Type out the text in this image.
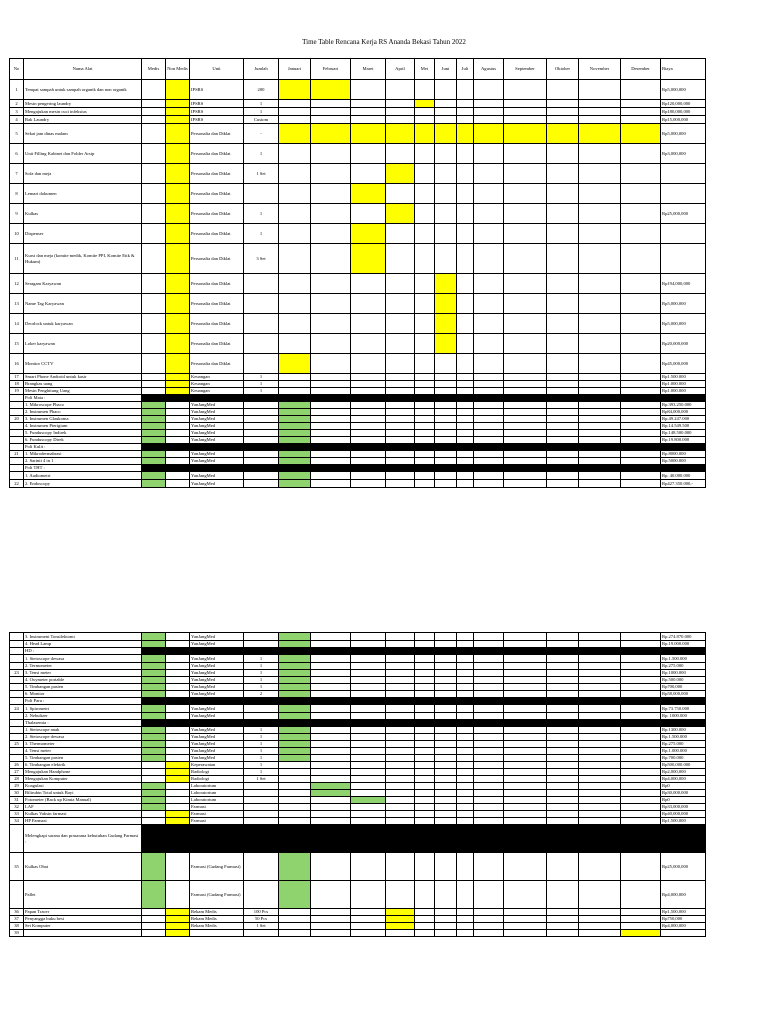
Time Table Rencana Kerja RS Ananda Bekasi Tahun 2022
No	Nama Alat	Medis	Non Medis	Unit	Jumlah	Januari	Februari	Maret	April	Mei	Juni	Juli	Agustus	September	Oktober	November	Desember	Biaya
1	Tempat sampah untuk sampah organik dan non organik			IPSRS	200													Rp5,000,000
2	Mesin pengering laundry			IPSRS	1													Rp120,000,000
3	Mengajukan mesin cuci infeksius			IPSRS	1													Rp180,000,000
4	Rak Laundry			IPSRS	Custom													Rp15,000,000
5	Sekat jam dinas malam			Personalia dan Diklat	-													Rp5,000,000
6	Unit Filling Kabinet dan Folder Arsip			Personalia dan Diklat	1													Rp3,000,000
7	Sofa dan meja			Personalia dan Diklat	1 Set													
8	Lemari dokumen			Personalia dan Diklat														
9	Kulkas			Personalia dan Diklat	1													Rp25,000,000
10	Dispenser			Personalia dan Diklat	1													
11	Kursi dan meja (komite medik, Komite PPI, Komite Etik & Hukum)			Personalia dan Diklat	3 Set													
12	Seragam Karyawan			Personalia dan Diklat														Rp194,000,000
13	Name Tag Karyawan			Personalia dan Diklat														Rp5,000,000
14	Deorlock untuk karyawan			Personalia dan Diklat														Rp5,000,000
15	Loker karyawan			Personalia dan Diklat														Rp20,000,000
16	Monitor CCTV			Personalia dan Diklat														Rp45,000,000
17	Smart Phone Android untuk kasir			Keuangan	1													Rp1.500.000
18	Brangkas uang			Keuangan	1													Rp1.000.000
19	Mesin Penghitung Uang			Keuangan	1													Rp1.000.000
	Poli Mata :																	
	1. Mikroscope Phaco			YanJangMed														Rp.393.250.000
	2. Instrumen Phaco			YanJangMed														Rp84,000,000
20	3. Instrumen Glaukoma			YanJangMed														Rp.49.247.000
	4. Instrumen Pterigium			YanJangMed														Rp.14.549.500
	5. Funduscopy Indirek			YanJangMed														Rp.148.500.000
	6. Funduscopy Direk			YanJangMed														Rp.19.800.000
	Poli Kulit :																	
21	1. Mikrodermabrasi			YanJangMed														Rp.8000.000
	2. Sarinit 4 in 1			YanJangMed														Rp.5000.000
	Poli THT :																	
	1. Audiometri			YanJangMed														Rp. 40.000.000
22	2. Endoscopy			YanJangMed														Rp427.350.000,-
	3. Instrument Tonsilektomi			YanJangMed														Rp.274.870.000
	4. Head Lamp			YanJangMed														Rp.19.000.000
	HD :																	
	1. Stetoscope dewasa			YanJangMed	1													Rp.1.500.000
	2. Termometer			YanJangMed	1													Rp.275.000
23	3. Tensi meter			YanJangMed	1													Rp.1000.000
	4. Oxymeter portable			YanJangMed	1													Rp.500.000
	5. Timbangan pasien			YanJangMed	1													Rp700,000
	6. Monitor			YanJangMed	2													Rp58,000,000
	Poli Paru :																	
24	1. Spirometri			YanJangMed														Rp.73.750.000
	2. Nebulizer			YanJangMed														Rp. 1000.000
	Thalasemia :																	
	1. Stetoscope anak			YanJangMed	1													Rp.1300.000
	2. Stetoscope dewasa			YanJangMed	1													Rp.1.500.000
25	3. Thermometer			YanJangMed	1													Rp.275.000
	4. Tensi meter			YanJangMed	1													Rp.1.000.000
	5. Timbangan pasien			YanJangMed	1													Rp.700.000
26	6. Timbangan elektrik			Keperawatan	1													Rp500,000.000
27	Mengajukan Handphone			Radiologi	1													Rp2,000,000
28	Mengajukan Komputer			Radiologi	1 Set													Rp4,000,000
29	Koagulasi			Laboratorium														Rp0
30	Bilirubin Total untuk Bayi			Laboratorium														Rp30,000,000
31	Fotometer (Back up Kimia Manual)			Laboratorium														Rp0
32	LAF			Farmasi														Rp33,000,000
33	Kulkas Vaksin farmasi			Farmasi														Rp40,000,000
34	HP Farmasi			Farmasi														Rp1,500,000
	Melengkapi sarana dan prasarana kebutuhan Gudang Farmasi :																	
35	Kulkas Obat			Farmasi (Gudang Farmasi)														Rp25,000,000
	Pallet			Farmasi (Gudang Farmasi)														Rp4,000,000
36	Papan Tracer			Rekam Medis	100 Pcs													Rp1,500,000
37	Penyangga buku besi			Rekam Medis	50 Pcs													Rp750,000
38	Set Komputer			Rekam Medis	1 Set													Rp4,000,000
39																		
